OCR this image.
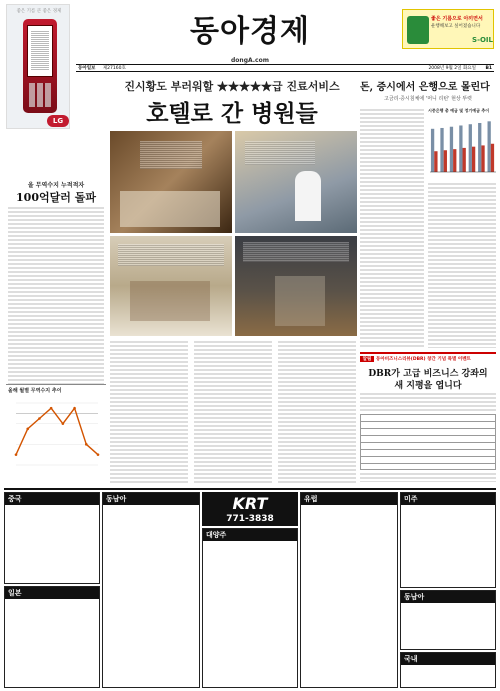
좋은 기름 큰 좋은 경제
LG
동아경제
dongA.com
좋은 기름으로 아끼면서
운행해보고 싶어졌습니다
S-OIL
동아일보 제27160호	2008년 9월 2일 화요일 B1
진시황도 부러워할 ★★★★★급 진료서비스
호텔로 간 병원들
올 무역수지 누적적자
100억달러 돌파
올해 월별 무역수지 추이
돈, 증시에서 은행으로 몰린다
고금리·증시침체에 '머니 리턴' 현상 뚜렷
시중은행 총 예금 및 정기예금 추이
알림	동아비즈니스리뷰(DBR) 창간 기념 특별 이벤트
DBR가 고급 비즈니스 강좌의
새 지평을 엽니다
중국
일본
동남아	KRT
771-3838
대양주
유럽	미주
동남아
국내
